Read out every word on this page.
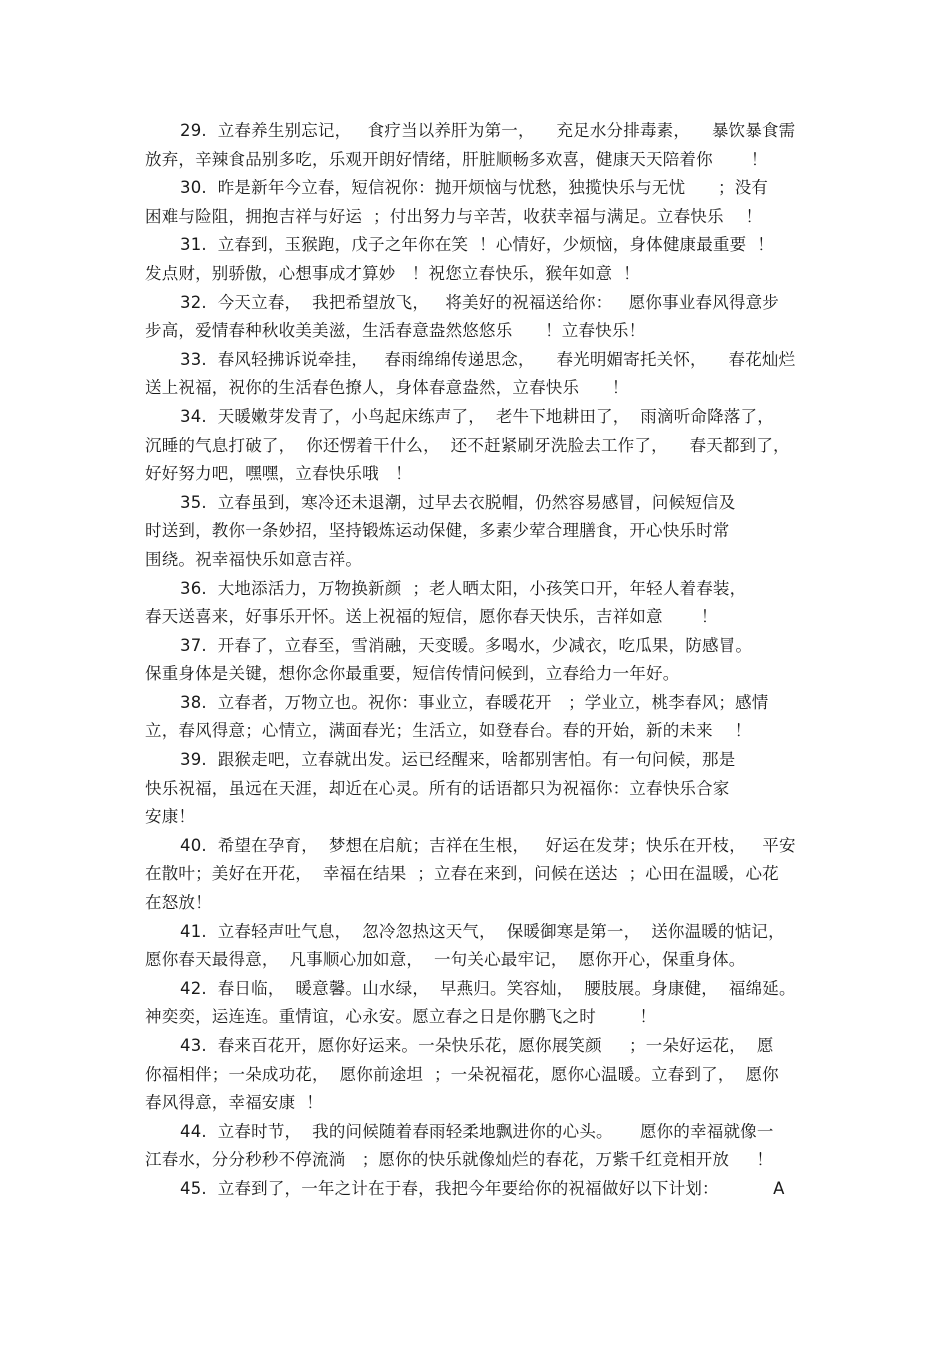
29.  立春养生别忘记，   食疗当以养肝为第一，    充足水分排毒素，    暴饮暴食需
放弃，辛辣食品别多吃，乐观开朗好情绪，肝脏顺畅多欢喜，健康天天陪着你       ！
30.  昨是新年今立春，短信祝你：抛开烦恼与忧愁，独揽快乐与无忧      ；没有
困难与险阻，拥抱吉祥与好运  ；付出努力与辛苦，收获幸福与满足。立春快乐    ！
31.  立春到，玉猴跑，戊子之年你在笑  ！心情好，少烦恼，身体健康最重要  ！
发点财，别骄傲，心想事成才算妙   ！祝您立春快乐，猴年如意  ！
32.  今天立春，  我把希望放飞，   将美好的祝福送给你：   愿你事业春风得意步
步高，爱情春种秋收美美滋，生活春意盎然悠悠乐      ！立春快乐！
33.  春风轻拂诉说牵挂，   春雨绵绵传递思念，    春光明媚寄托关怀，    春花灿烂
送上祝福，祝你的生活春色撩人，身体春意盎然，立春快乐      ！
34.  天暖嫩芽发青了，小鸟起床练声了，  老牛下地耕田了，  雨滴听命降落了，
沉睡的气息打破了，  你还愣着干什么，  还不赶紧刷牙洗脸去工作了，    春天都到了，
好好努力吧，嘿嘿，立春快乐哦   ！
35.  立春虽到，寒冷还未退潮，过早去衣脱帽，仍然容易感冒，问候短信及
时送到，教你一条妙招，坚持锻炼运动保健，多素少荤合理膳食，开心快乐时常
围绕。祝幸福快乐如意吉祥。
36.  大地添活力，万物换新颜  ；老人晒太阳，小孩笑口开，年轻人着春装，
春天送喜来，好事乐开怀。送上祝福的短信，愿你春天快乐，吉祥如意       ！
37.  开春了，立春至，雪消融，天变暖。多喝水，少减衣，吃瓜果，防感冒。
保重身体是关键，想你念你最重要，短信传情问候到，立春给力一年好。
38.  立春者，万物立也。祝你：事业立，春暖花开   ；学业立，桃李春风；感情
立，春风得意；心情立，满面春光；生活立，如登春台。春的开始，新的未来    ！
39.  跟猴走吧，立春就出发。运已经醒来，啥都别害怕。有一句问候，那是
快乐祝福，虽远在天涯，却近在心灵。所有的话语都只为祝福你：立春快乐合家
安康！
40.  希望在孕育，  梦想在启航；吉祥在生根，   好运在发芽；快乐在开枝，   平安
在散叶；美好在开花，  幸福在结果  ；立春在来到，问候在送达  ；心田在温暖，心花
在怒放！
41.  立春轻声吐气息，  忽冷忽热这天气，  保暖御寒是第一，  送你温暖的惦记，
愿你春天最得意，  凡事顺心加如意，  一句关心最牢记，  愿你开心，保重身体。
42.  春日临，  暖意馨。山水绿，  早燕归。笑容灿，  腰肢展。身康健，  福绵延。
神奕奕，运连连。重情谊，心永安。愿立春之日是你鹏飞之时        ！
43.  春来百花开，愿你好运来。一朵快乐花，愿你展笑颜     ；一朵好运花，  愿
你福相伴；一朵成功花，  愿你前途坦  ；一朵祝福花，愿你心温暖。立春到了，  愿你
春风得意，幸福安康  ！
44.  立春时节，  我的问候随着春雨轻柔地飘进你的心头。     愿你的幸福就像一
江春水，分分秒秒不停流淌   ；愿你的快乐就像灿烂的春花，万紫千红竞相开放     ！
45.  立春到了，一年之计在于春，我把今年要给你的祝福做好以下计划：          A
